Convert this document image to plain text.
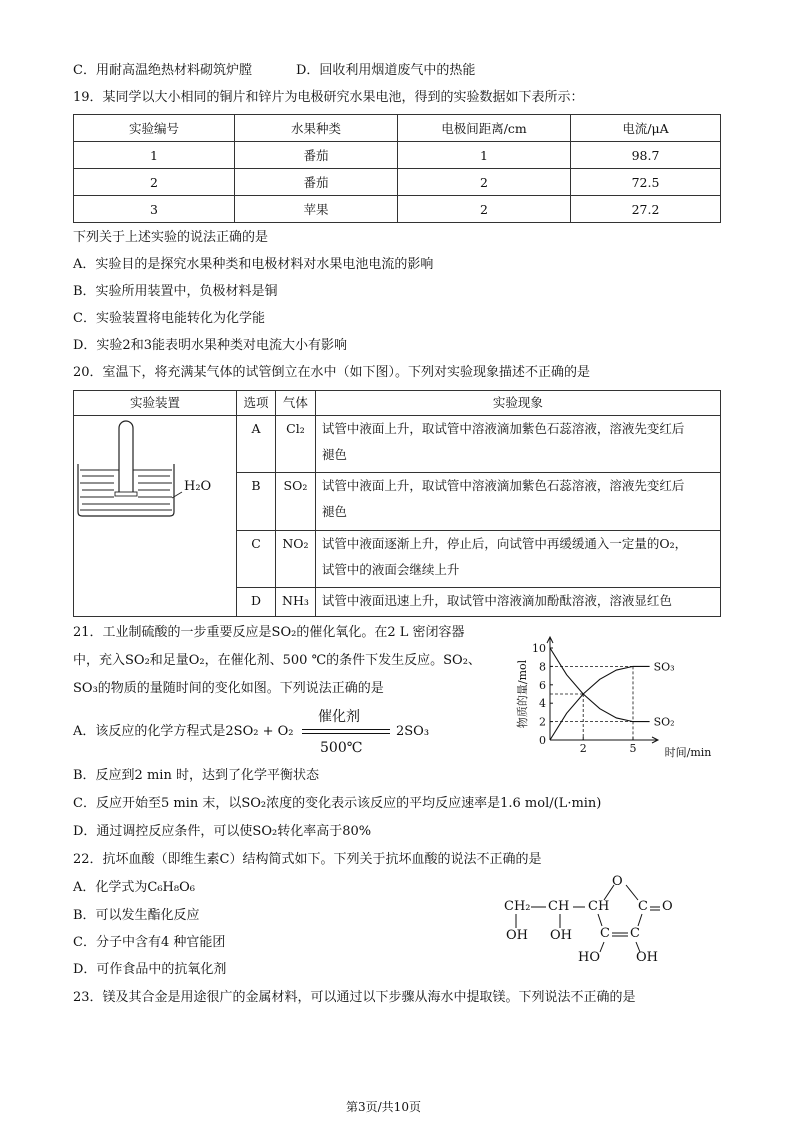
C．用耐高温绝热材料砌筑炉膛	D．回收利用烟道废气中的热能
19．某同学以大小相同的铜片和锌片为电极研究水果电池，得到的实验数据如下表所示：
实验编号	水果种类	电极间距离/cm	电流/μA
1	番茄	1	98.7
2	番茄	2	72.5
3	苹果	2	27.2
下列关于上述实验的说法正确的是
A．实验目的是探究水果种类和电极材料对水果电池电流的影响
B．实验所用装置中，负极材料是铜
C．实验装置将电能转化为化学能
D．实验2和3能表明水果种类对电流大小有影响
20．室温下，将充满某气体的试管倒立在水中（如下图）。下列对实验现象描述不正确的是
实验装置	选项	气体	实验现象

H₂O	A	Cl₂	试管中液面上升，取试管中溶液滴加紫色石蕊溶液，溶液先变红后
褪色

	B	SO₂	试管中液面上升，取试管中溶液滴加紫色石蕊溶液，溶液先变红后
褪色

	C	NO₂	试管中液面逐渐上升，停止后，向试管中再缓缓通入一定量的O₂，
试管中的液面会继续上升

	D	NH₃	试管中液面迅速上升，取试管中溶液滴加酚酞溶液，溶液显红色
21．工业制硫酸的一步重要反应是SO₂的催化氧化。在2 L 密闭容器
中，充入SO₂和足量O₂，在催化剂、500 ℃的条件下发生反应。SO₂、
SO₃的物质的量随时间的变化如图。下列说法正确的是
A．该反应的化学方程式是2SO₂ + O₂
催化剂
500℃
2SO₃
B．反应到2 min 时，达到了化学平衡状态
C．反应开始至5 min 末，以SO₂浓度的变化表示该反应的平均反应速率是1.6 mol/(L·min)
D．通过调控反应条件，可以使SO₂转化率高于80%
0
2
4
6
8
10
2	5
SO₃
SO₂
物质的量/mol
时间/min
22．抗坏血酸（即维生素C）结构简式如下。下列关于抗坏血酸的说法不正确的是
A．化学式为C₆H₈O₆
B．可以发生酯化反应
C．分子中含有4 种官能团
D．可作食品中的抗氧化剂
CH₂ CH CH C O
O
C C
OH OH
HO	OH
23．镁及其合金是用途很广的金属材料，可以通过以下步骤从海水中提取镁。下列说法不正确的是
第3页/共10页
